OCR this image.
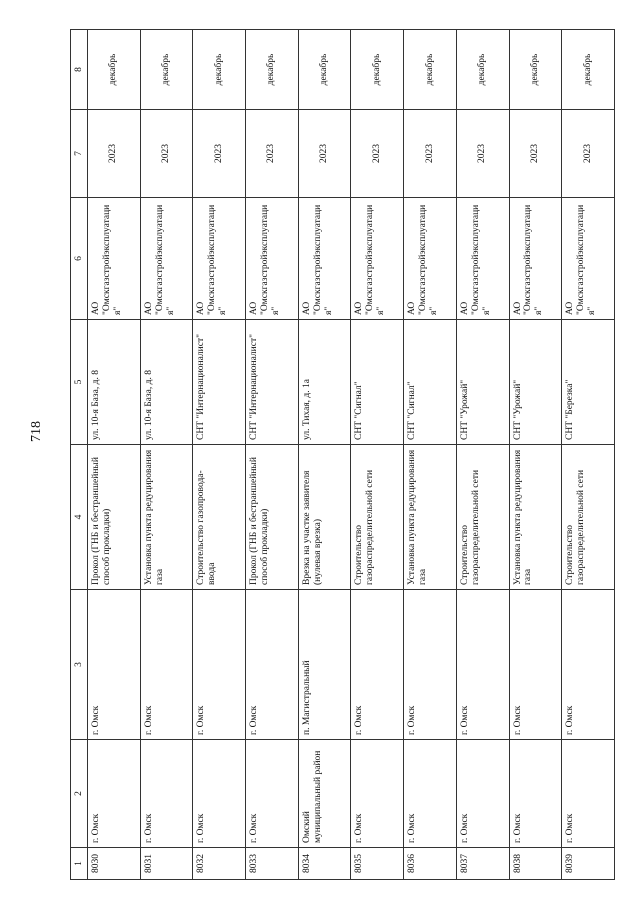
718
1	2	3	4	5	6	7	8
8030	г. Омск	г. Омск	Прокол (ГНБ и бестраншейный способ прокладки)	ул. 10-я База, д. 8	АО "Омскгазстройэксплуатация"	2023	декабрь
8031	г. Омск	г. Омск	Установка пункта редуцирования газа	ул. 10-я База, д. 8	АО "Омскгазстройэксплуатация"	2023	декабрь
8032	г. Омск	г. Омск	Строительство газопровода-ввода	СНТ "Интернационалист"	АО "Омскгазстройэксплуатация"	2023	декабрь
8033	г. Омск	г. Омск	Прокол (ГНБ и бестраншейный способ прокладки)	СНТ "Интернационалист"	АО "Омскгазстройэксплуатация"	2023	декабрь
8034	Омский муниципальный район	п. Магистральный	Врезка на участке заявителя (нулевая врезка)	ул. Тихая, д. 1а	АО "Омскгазстройэксплуатация"	2023	декабрь
8035	г. Омск	г. Омск	Строительство газораспределительной сети	СНТ "Сигнал"	АО "Омскгазстройэксплуатация"	2023	декабрь
8036	г. Омск	г. Омск	Установка пункта редуцирования газа	СНТ "Сигнал"	АО "Омскгазстройэксплуатация"	2023	декабрь
8037	г. Омск	г. Омск	Строительство газораспределительной сети	СНТ "Урожай"	АО "Омскгазстройэксплуатация"	2023	декабрь
8038	г. Омск	г. Омск	Установка пункта редуцирования газа	СНТ "Урожай"	АО "Омскгазстройэксплуатация"	2023	декабрь
8039	г. Омск	г. Омск	Строительство газораспределительной сети	СНТ "Березка"	АО "Омскгазстройэксплуатация"	2023	декабрь
